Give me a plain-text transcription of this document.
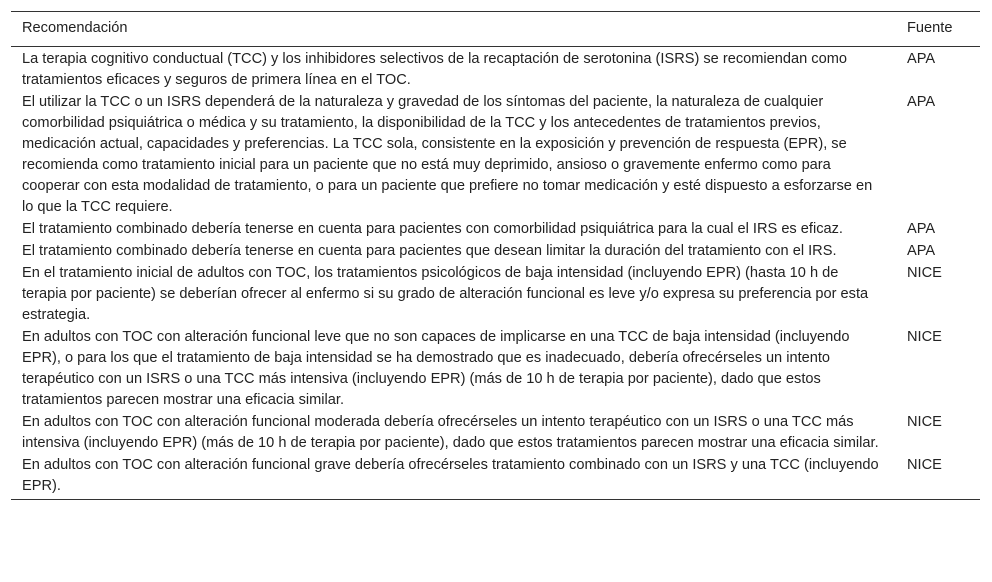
Recomendación	Fuente
La terapia cognitivo conductual (TCC) y los inhibidores selectivos de la recaptación de serotonina (ISRS) se recomiendan como tratamientos eficaces y seguros de primera línea en el TOC.	APA
El utilizar la TCC o un ISRS dependerá de la naturaleza y gravedad de los síntomas del paciente, la naturaleza de cualquier comorbilidad psiquiátrica o médica y su tratamiento, la disponibilidad de la TCC y los antecedentes de tratamientos previos, medicación actual, capacidades y preferencias. La TCC sola, consistente en la exposición y prevención de respuesta (EPR), se recomienda como tratamiento inicial para un paciente que no está muy deprimido, ansioso o gravemente enfermo como para cooperar con esta modalidad de tratamiento, o para un paciente que prefiere no tomar medicación y esté dispuesto a esforzarse en lo que la TCC requiere.	APA
El tratamiento combinado debería tenerse en cuenta para pacientes con comorbilidad psiquiátrica para la cual el IRS es eficaz.	APA
El tratamiento combinado debería tenerse en cuenta para pacientes que desean limitar la duración del tratamiento con el IRS.	APA
En el tratamiento inicial de adultos con TOC, los tratamientos psicológicos de baja intensidad (incluyendo EPR) (hasta 10 h de terapia por paciente) se deberían ofrecer al enfermo si su grado de alteración funcional es leve y/o expresa su preferencia por esta estrategia.	NICE
En adultos con TOC con alteración funcional leve que no son capaces de implicarse en una TCC de baja intensidad (incluyendo EPR), o para los que el tratamiento de baja intensidad se ha demostrado que es inadecuado, debería ofrecérseles un intento terapéutico con un ISRS o una TCC más intensiva (incluyendo EPR) (más de 10 h de terapia por paciente), dado que estos tratamientos parecen mostrar una eficacia similar.	NICE
En adultos con TOC con alteración funcional moderada debería ofrecérseles un intento terapéutico con un ISRS o una TCC más intensiva (incluyendo EPR) (más de 10 h de terapia por paciente), dado que estos tratamientos parecen mostrar una eficacia similar.	NICE
En adultos con TOC con alteración funcional grave debería ofrecérseles tratamiento combinado con un ISRS y una TCC (incluyendo EPR).	NICE
